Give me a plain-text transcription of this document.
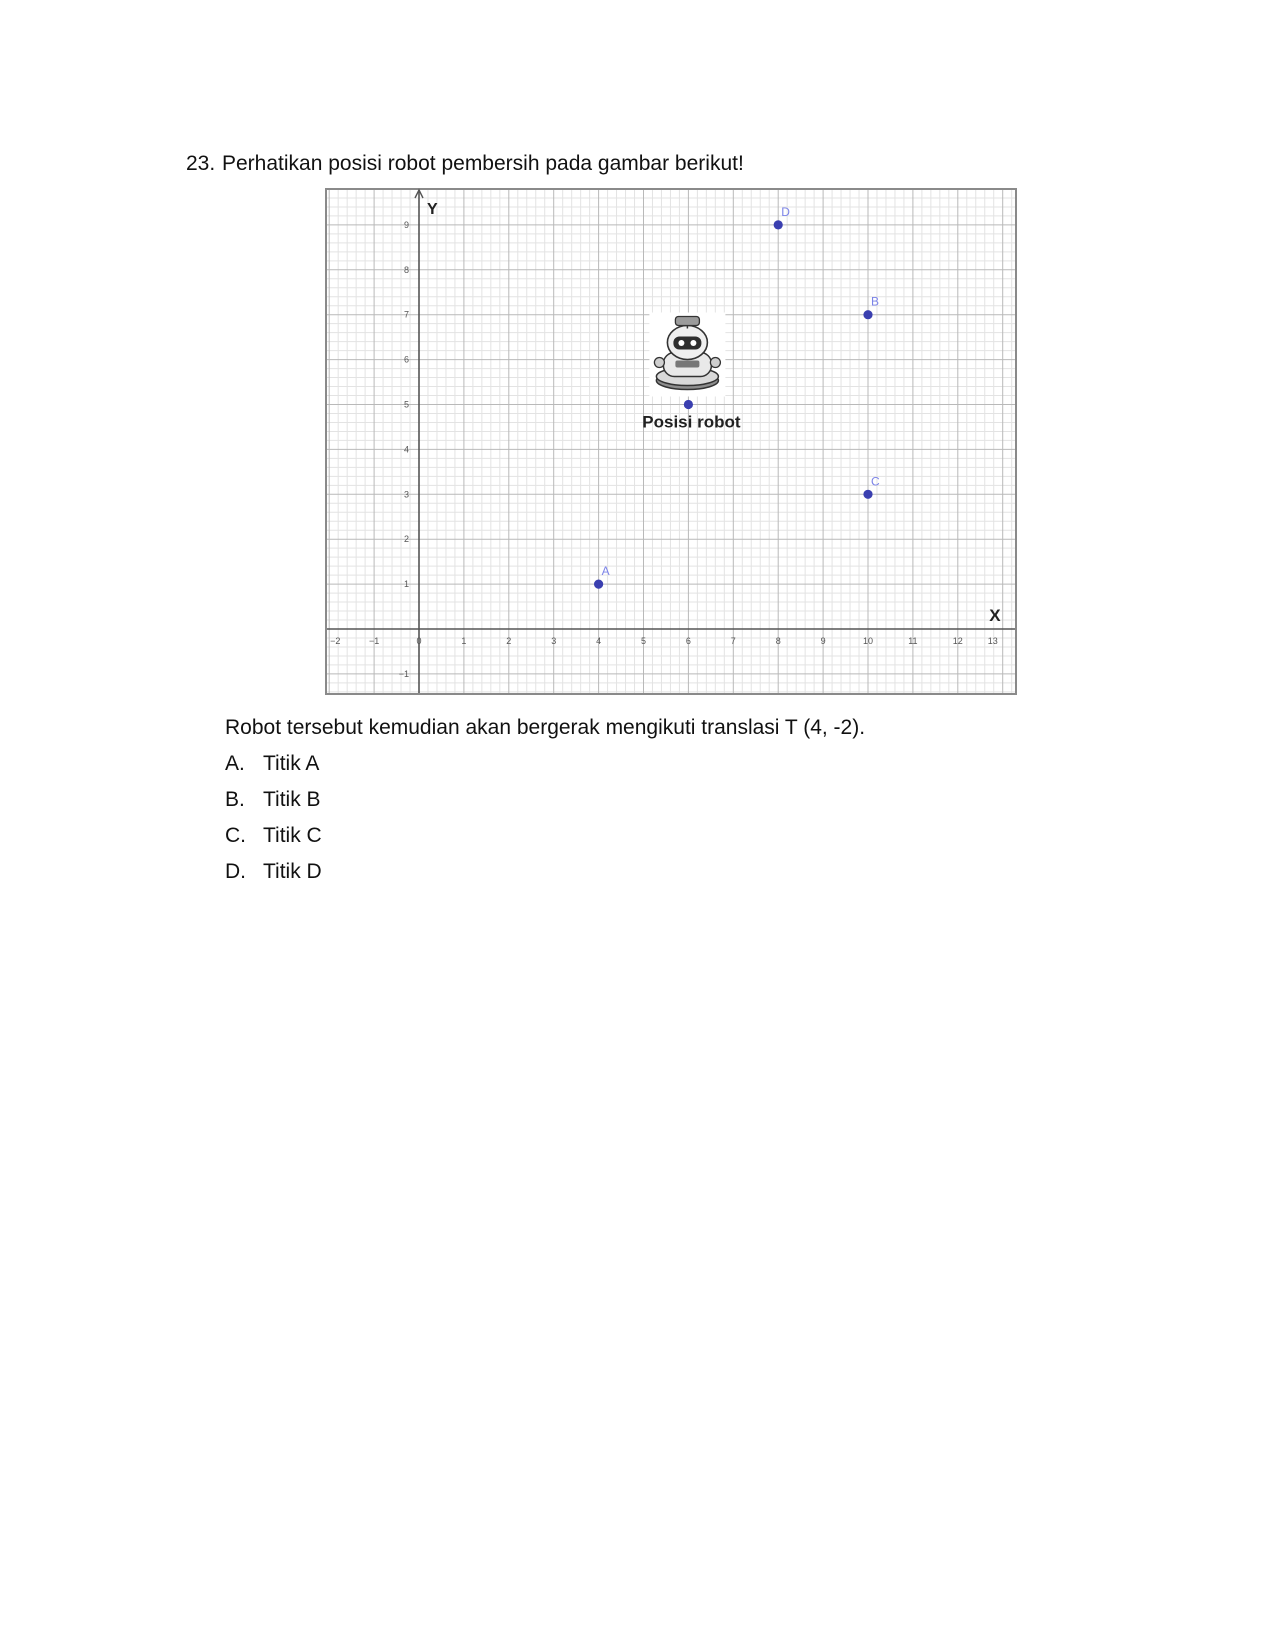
23. Perhatikan posisi robot pembersih pada gambar berikut!
−2	−1	0	1	2	3	4	5	6	7	8	9	10	11	12	13
−1
1
2
3
4
5
6
7
8
9
Y
X
A
B
C
D
Posisi robot
Robot tersebut kemudian akan bergerak mengikuti translasi T (4, -2).
A. Titik A
B. Titik B
C. Titik C
D. Titik D
